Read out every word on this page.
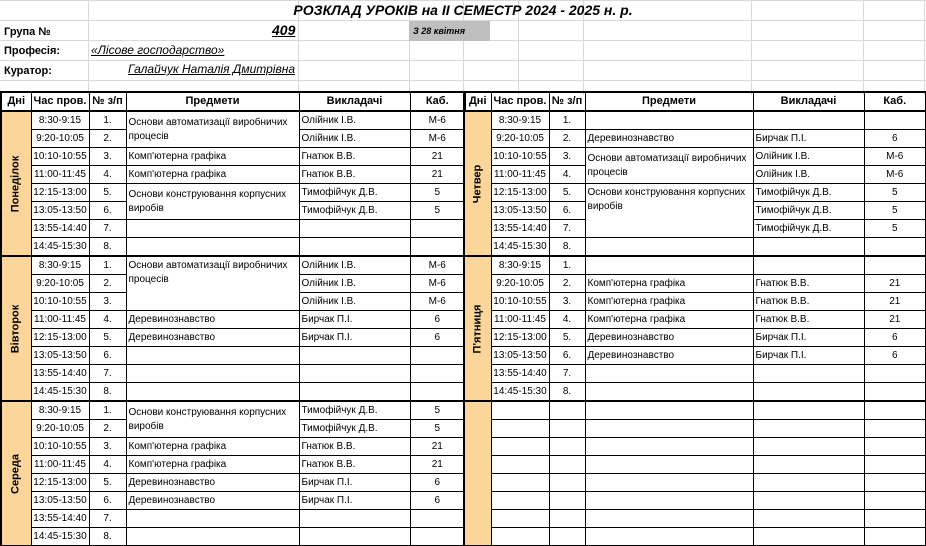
РОЗКЛАД УРОКІВ на ІІ СЕМЕСТР 2024 - 2025 н. р.
Група №	409	З 28 квітня
Професія:	«Лісове господарство»
Куратор:	Галайчук Наталія Дмитрівна
Дні	Час пров.	№ з/п	Предмети	Викладачі	Каб.

Понеділок	8:30-9:15	1.	Основи автоматизації виробничих процесів	Олійник І.В.	М-6
	9:20-10:05	2.		Олійник І.В.	М-6
	10:10-10:55	3.	Комп'ютерна графіка	Гнатюк В.В.	21
	11:00-11:45	4.	Комп'ютерна графіка	Гнатюк В.В.	21
	12:15-13:00	5.	Основи конструювання корпусних виробів	Тимофійчук Д.В.	5
	13:05-13:50	6.		Тимофійчук Д.В.	5
	13:55-14:40	7.			
	14:45-15:30	8.			

Вівторок	8:30-9:15	1.	Основи автоматизації виробничих процесів	Олійник І.В.	М-6
	9:20-10:05	2.		Олійник І.В.	М-6
	10:10-10:55	3.		Олійник І.В.	М-6
	11:00-11:45	4.	Деревинознавство	Бирчак П.І.	6
	12:15-13:00	5.	Деревинознавство	Бирчак П.І.	6
	13:05-13:50	6.			
	13:55-14:40	7.			
	14:45-15:30	8.			

Середа	8:30-9:15	1.	Основи конструювання корпусних виробів	Тимофійчук Д.В.	5
	9:20-10:05	2.		Тимофійчук Д.В.	5
	10:10-10:55	3.	Комп'ютерна графіка	Гнатюк В.В.	21
	11:00-11:45	4.	Комп'ютерна графіка	Гнатюк В.В.	21
	12:15-13:00	5.	Деревинознавство	Бирчак П.І.	6
	13:05-13:50	6.	Деревинознавство	Бирчак П.І.	6
	13:55-14:40	7.			
	14:45-15:30	8.			
Дні	Час пров.	№ з/п	Предмети	Викладачі	Каб.

Четвер	8:30-9:15	1.			
	9:20-10:05	2.	Деревинознавство	Бирчак П.І.	6
	10:10-10:55	3.	Основи автоматизації виробничих процесів	Олійник І.В.	М-6
	11:00-11:45	4.		Олійник І.В.	М-6
	12:15-13:00	5.	Основи конструювання корпусних виробів	Тимофійчук Д.В.	5
	13:05-13:50	6.		Тимофійчук Д.В.	5
	13:55-14:40	7.		Тимофійчук Д.В.	5
	14:45-15:30	8.			

П'ятниця	8:30-9:15	1.			
	9:20-10:05	2.	Комп'ютерна графіка	Гнатюк В.В.	21
	10:10-10:55	3.	Комп'ютерна графіка	Гнатюк В.В.	21
	11:00-11:45	4.	Комп'ютерна графіка	Гнатюк В.В.	21
	12:15-13:00	5.	Деревинознавство	Бирчак П.І.	6
	13:05-13:50	6.	Деревинознавство	Бирчак П.І.	6
	13:55-14:40	7.			
	14:45-15:30	8.			
